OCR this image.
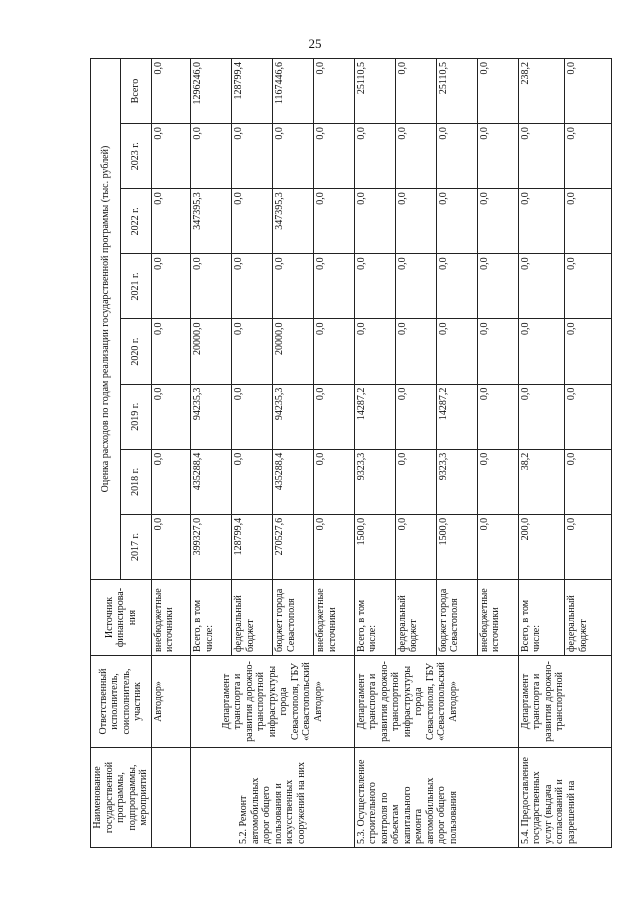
25
Наименование государственной программы, подпрограммы, мероприятий	Ответственный исполнитель, соисполнитель, участник	Источник финансирова-ния	Оценка расходов по годам реализации государственной программы (тыс. рублей)							
			2017 г.	2018 г.	2019 г.	2020 г.	2021 г.	2022 г.	2023 г.	Всего
	Автодор»	внебюджетные источники	0,0	0,0	0,0	0,0	0,0	0,0	0,0	0,0
5.2. Ремонт автомобильных дорог общего пользования и искусственных сооружений на них	Департамент транспорта и развития дорожно-транспортной инфраструктуры города Севастополя, ГБУ «Севастопольский Автодор»	Всего, в том числе:	399327,0	435288,4	94235,3	20000,0	0,0	347395,3	0,0	1296246,0
		федеральный бюджет	128799,4	0,0	0,0	0,0	0,0	0,0	0,0	128799,4
		бюджет города Севастополя	270527,6	435288,4	94235,3	20000,0	0,0	347395,3	0,0	1167446,6
		внебюджетные источники	0,0	0,0	0,0	0,0	0,0	0,0	0,0	0,0
5.3. Осуществление строительного контроля по объектам капитального ремонта автомобильных дорог общего пользования	Департамент транспорта и развития дорожно-транспортной инфраструктуры города Севастополя, ГБУ «Севастопольский Автодор»	Всего, в том числе:	1500,0	9323,3	14287,2	0,0	0,0	0,0	0,0	25110,5
		федеральный бюджет	0,0	0,0	0,0	0,0	0,0	0,0	0,0	0,0
		бюджет города Севастополя	1500,0	9323,3	14287,2	0,0	0,0	0,0	0,0	25110,5
		внебюджетные источники	0,0	0,0	0,0	0,0	0,0	0,0	0,0	0,0
5.4. Предоставление государственных услуг (выдача согласований и разрешений на	Департамент транспорта и развития дорожно-транспортной	Всего, в том числе:	200,0	38,2	0,0	0,0	0,0	0,0	0,0	238,2
		федеральный бюджет	0,0	0,0	0,0	0,0	0,0	0,0	0,0	0,0
